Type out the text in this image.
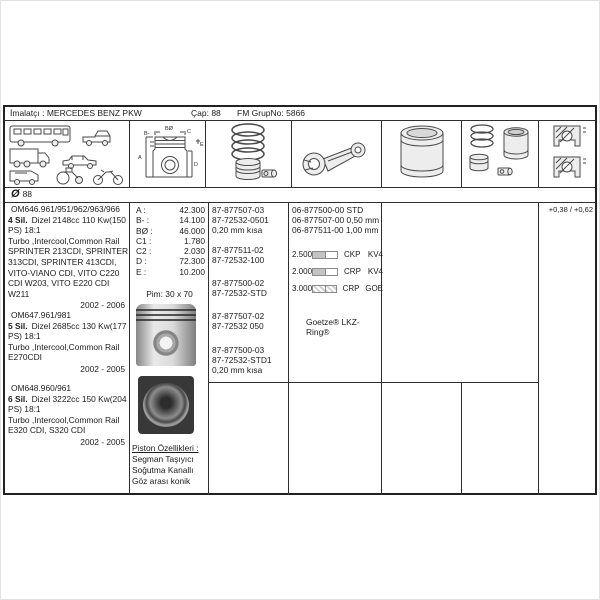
İmalatçı : MERCEDES BENZ PKW	Çap: 88 FM GrupNo: 5866
A
B-
BØ	C
D
E
Ø 88
OM646.961/951/962/963/966
4 Sil. Dizel 2148cc 110 Kw(150 PS) 18:1
Turbo ,Intercool,Common Rail
SPRINTER 213CDI, SPRINTER 313CDI, SPRINTER 413CDI, VITO-VIANO CDI, VITO C220 CDI W203, VITO E220 CDI W211
2002 - 2006
OM647.961/981
5 Sil. Dizel 2685cc 130 Kw(177 PS) 18:1
Turbo ,Intercool,Common Rail
E270CDI
2002 - 2005
OM648.960/961
6 Sil. Dizel 3222cc 150 Kw(204 PS) 18:1
Turbo ,Intercool,Common Rail
E320 CDI, S320 CDI
2002 - 2005
A :	42.300
B- :	14.100
BØ :	46.000
C1 :	1.780
C2 :	2.030
D :	72.300
E :	10.200
Pim: 30 x 70
Piston Özellikleri :
Segman Taşıyıcı
Soğutma Kanallı
Göz arası konik
87-877507-03
87-72532-0501
0,20 mm kısa
87-877511-02
87-72532-100
87-877500-02
87-72532-STD
87-877507-02
87-72532 050
87-877500-03
87-72532-STD1
0,20 mm kısa
06-877500-00 STD
06-877507-00 0,50 mm
06-877511-00 1,00 mm
2.500	CKP KV4
2.000	CRP KV4
3.000	CRP GOE
Goetze® LKZ-Ring®
+0,38 / +0,62
